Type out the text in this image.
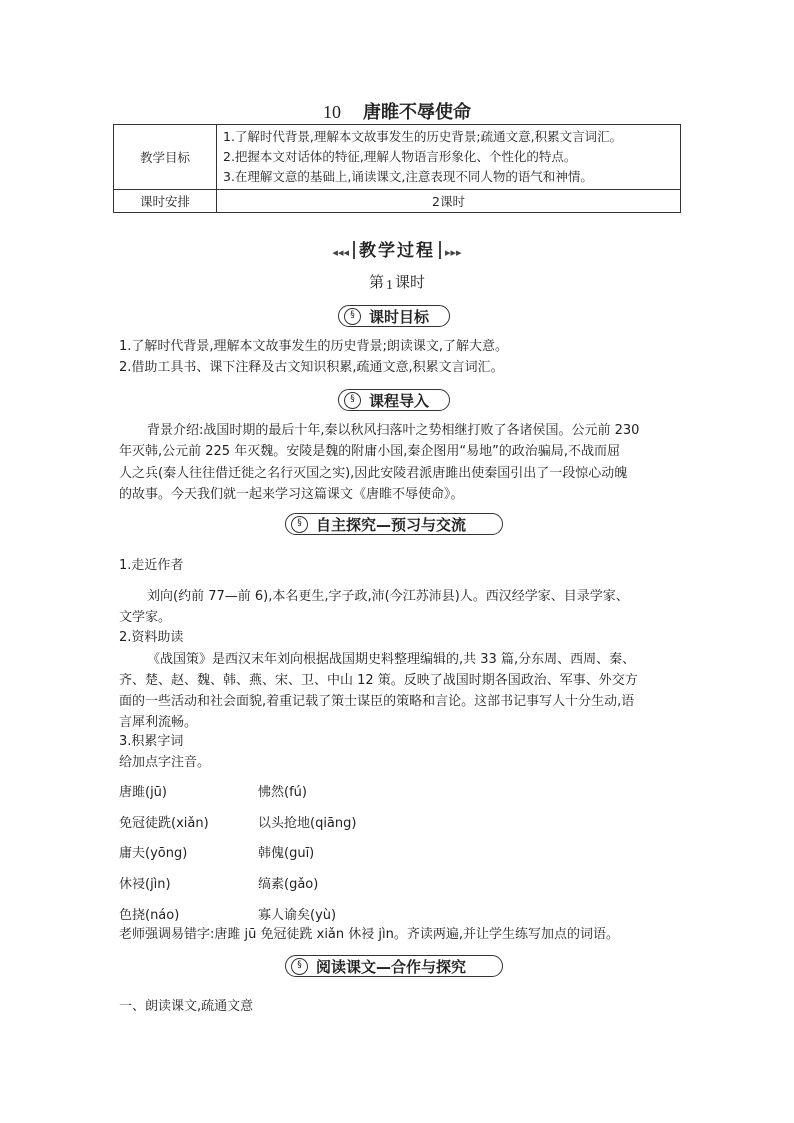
10 唐睢不辱使命
教学目标	1.了解时代背景,理解本文故事发生的历史背景;疏通文意,积累文言词汇。
2.把握本文对话体的特征,理解人物语言形象化、个性化的特点。
3.在理解文意的基础上,诵读课文,注意表现不同人物的语气和神情。

课时安排	2课时
◂◂◂ 教学过程 ▸▸▸
第 1 课时
§ 课时目标
1.了解时代背景,理解本文故事发生的历史背景;朗读课文,了解大意。
2.借助工具书、课下注释及古文知识积累,疏通文意,积累文言词汇。
§ 课程导入
背景介绍:战国时期的最后十年,秦以秋风扫落叶之势相继打败了各诸侯国。公元前 230
年灭韩,公元前 225 年灭魏。安陵是魏的附庸小国,秦企图用“易地”的政治骗局,不战而屈
人之兵(秦人往往借迁徙之名行灭国之实),因此安陵君派唐雎出使秦国引出了一段惊心动魄
的故事。今天我们就一起来学习这篇课文《唐睢不辱使命》。
§ 自主探究—预习与交流
1.走近作者
刘向(约前 77—前 6),本名更生,字子政,沛(今江苏沛县)人。西汉经学家、目录学家、
文学家。
2.资料助读
《战国策》是西汉末年刘向根据战国期史料整理编辑的,共 33 篇,分东周、西周、秦、
齐、楚、赵、魏、韩、燕、宋、卫、中山 12 策。反映了战国时期各国政治、军事、外交方
面的一些活动和社会面貌,着重记载了策士谋臣的策略和言论。这部书记事写人十分生动,语
言犀利流畅。
3.积累字词
给加点字注音。
唐雎(jū)	怫然(fú)
免冠徒跣(xiǎn)	以头抢地(qiāng)
庸夫(yōng)	韩傀(guī)
休祲(jìn)	缟素(gǎo)
色挠(náo)	寡人谕矣(yù)
老师强调易错字:唐雎 jū 免冠徒跣 xiǎn 休祲 jìn。齐读两遍,并让学生练写加点的词语。
§ 阅读课文—合作与探究
一、朗读课文,疏通文意
